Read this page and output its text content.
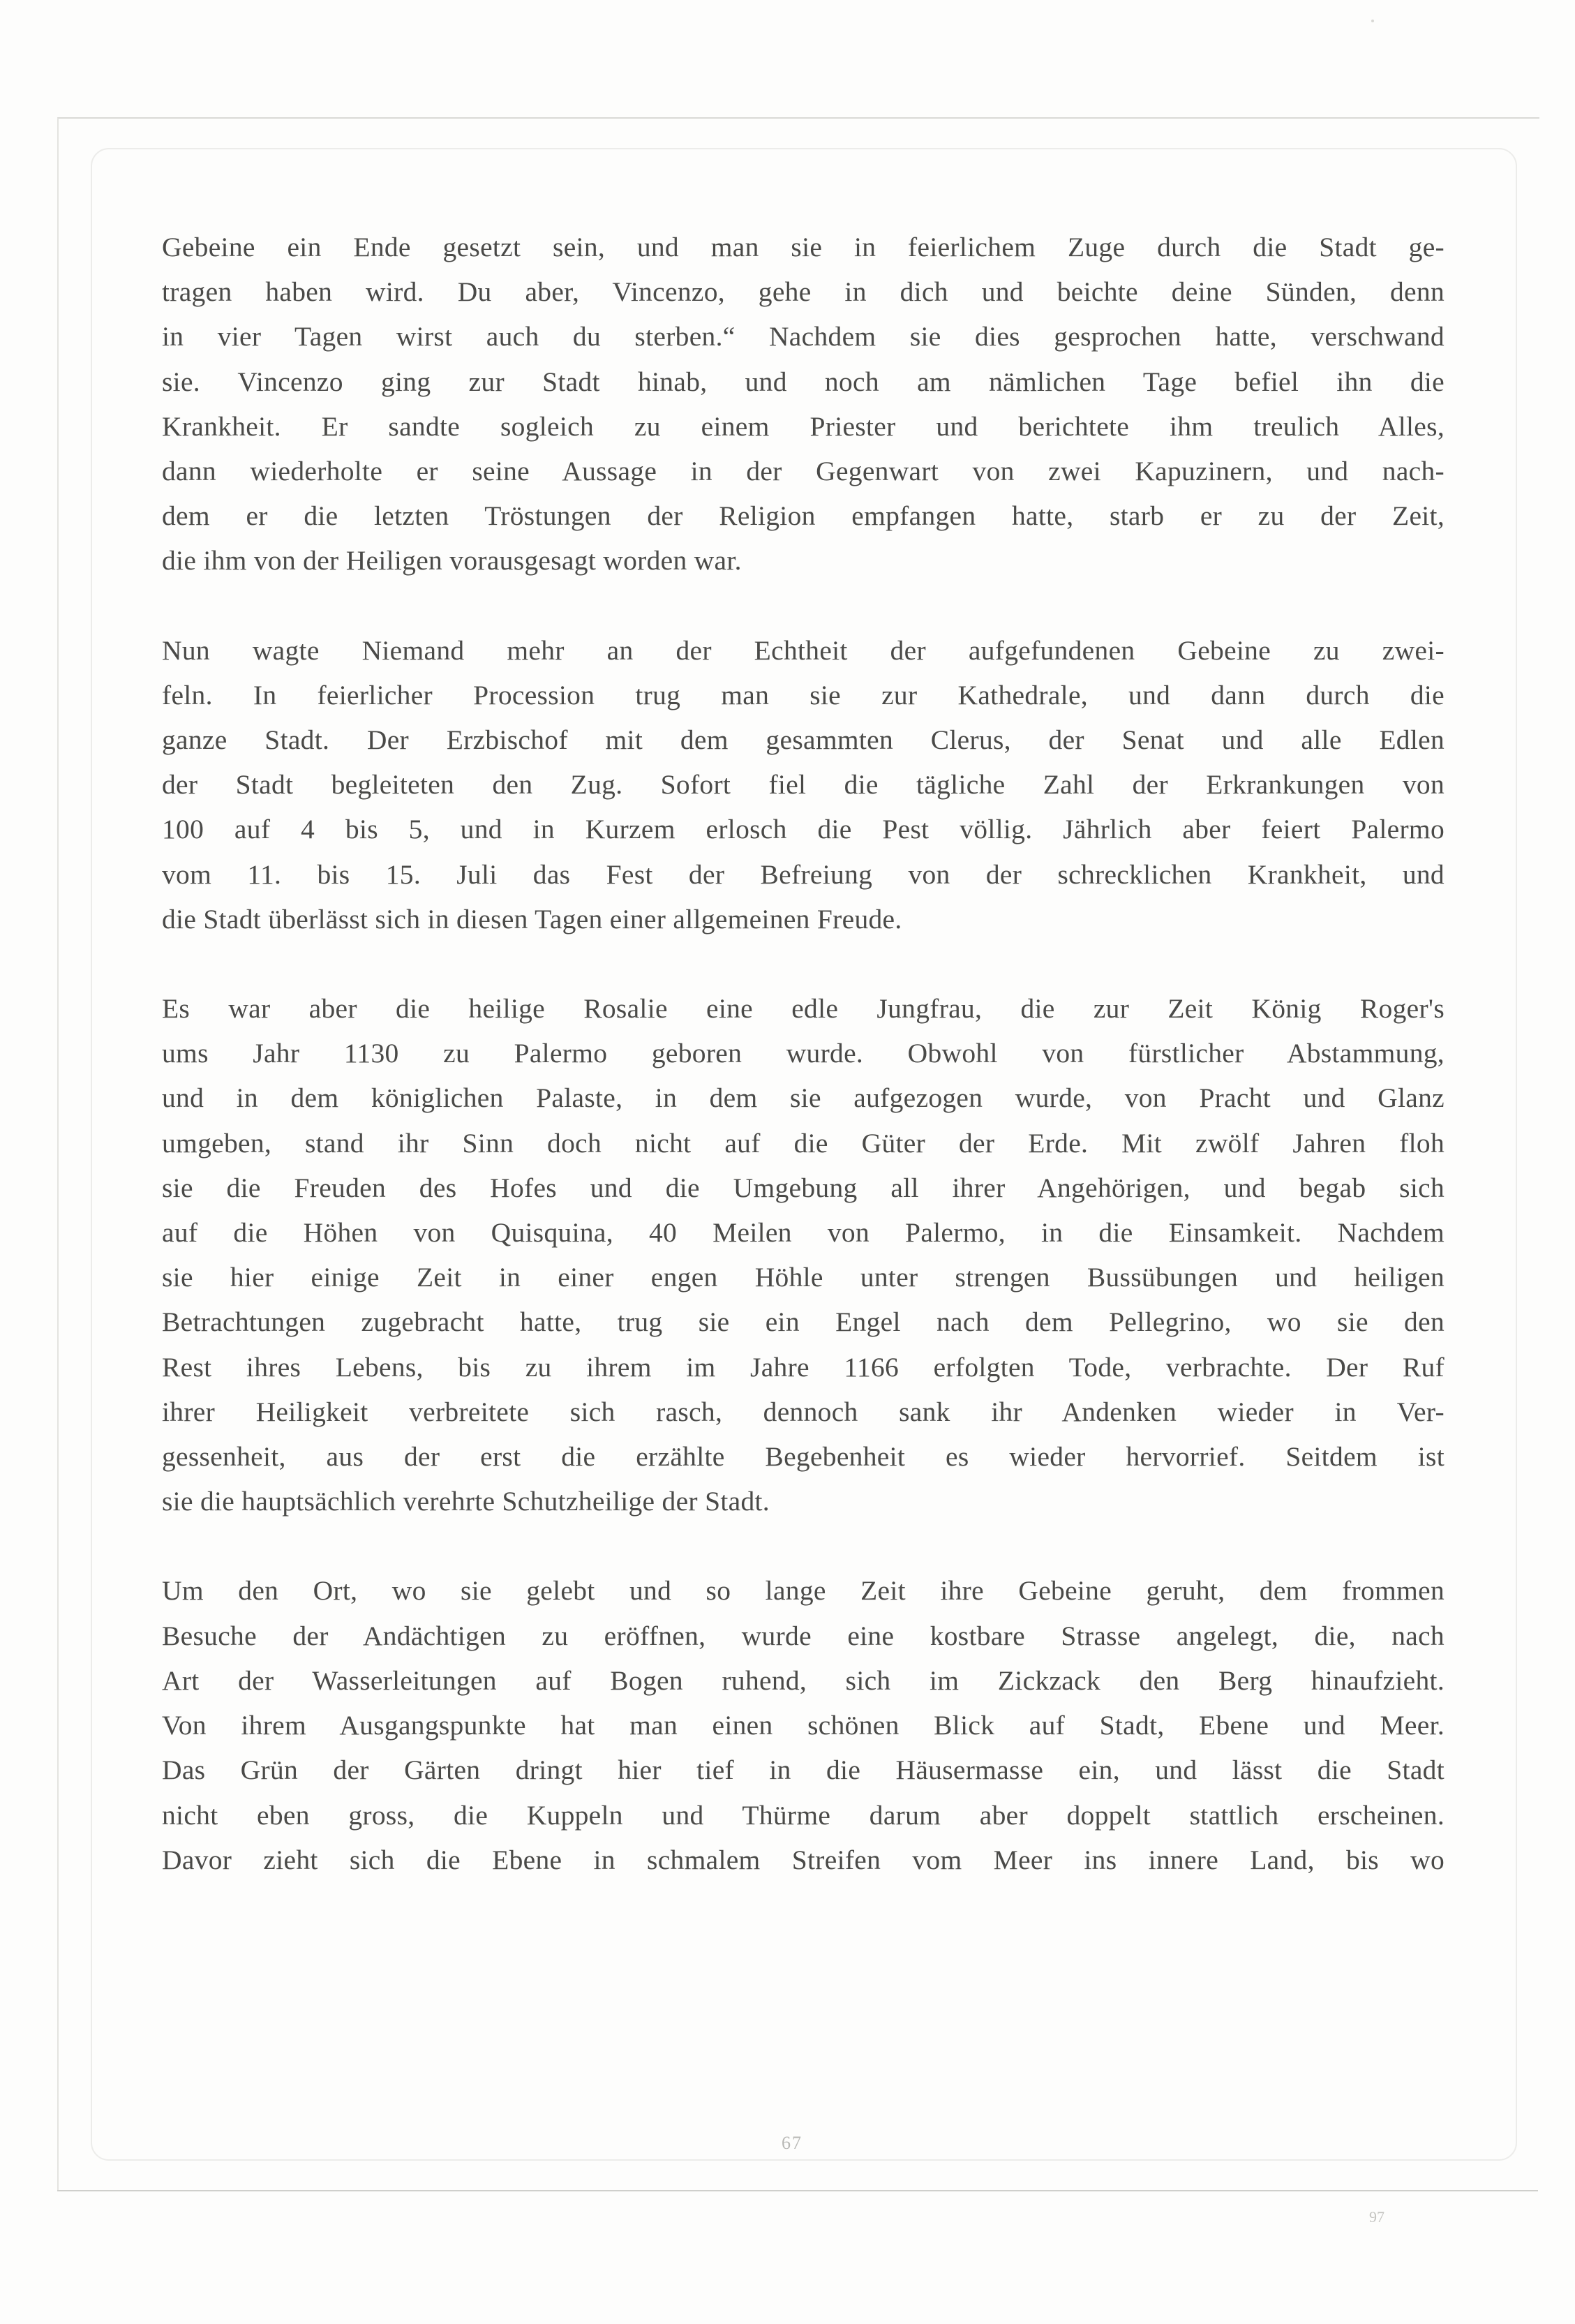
Gebeine ein Ende gesetzt sein, und man sie in feierlichem Zuge durch die Stadt ge-
tragen haben wird. Du aber, Vincenzo, gehe in dich und beichte deine Sünden, denn
in vier Tagen wirst auch du sterben.“ Nachdem sie dies gesprochen hatte, verschwand
sie. Vincenzo ging zur Stadt hinab, und noch am nämlichen Tage befiel ihn die
Krankheit. Er sandte sogleich zu einem Priester und berichtete ihm treulich Alles,
dann wiederholte er seine Aussage in der Gegenwart von zwei Kapuzinern, und nach-
dem er die letzten Tröstungen der Religion empfangen hatte, starb er zu der Zeit,
die ihm von der Heiligen vorausgesagt worden war.
Nun wagte Niemand mehr an der Echtheit der aufgefundenen Gebeine zu zwei-
feln. In feierlicher Procession trug man sie zur Kathedrale, und dann durch die
ganze Stadt. Der Erzbischof mit dem gesammten Clerus, der Senat und alle Edlen
der Stadt begleiteten den Zug. Sofort fiel die tägliche Zahl der Erkrankungen von
100 auf 4 bis 5, und in Kurzem erlosch die Pest völlig. Jährlich aber feiert Palermo
vom 11. bis 15. Juli das Fest der Befreiung von der schrecklichen Krankheit, und
die Stadt überlässt sich in diesen Tagen einer allgemeinen Freude.
Es war aber die heilige Rosalie eine edle Jungfrau, die zur Zeit König Roger's
ums Jahr 1130 zu Palermo geboren wurde. Obwohl von fürstlicher Abstammung,
und in dem königlichen Palaste, in dem sie aufgezogen wurde, von Pracht und Glanz
umgeben, stand ihr Sinn doch nicht auf die Güter der Erde. Mit zwölf Jahren floh
sie die Freuden des Hofes und die Umgebung all ihrer Angehörigen, und begab sich
auf die Höhen von Quisquina, 40 Meilen von Palermo, in die Einsamkeit. Nachdem
sie hier einige Zeit in einer engen Höhle unter strengen Bussübungen und heiligen
Betrachtungen zugebracht hatte, trug sie ein Engel nach dem Pellegrino, wo sie den
Rest ihres Lebens, bis zu ihrem im Jahre 1166 erfolgten Tode, verbrachte. Der Ruf
ihrer Heiligkeit verbreitete sich rasch, dennoch sank ihr Andenken wieder in Ver-
gessenheit, aus der erst die erzählte Begebenheit es wieder hervorrief. Seitdem ist
sie die hauptsächlich verehrte Schutzheilige der Stadt.
Um den Ort, wo sie gelebt und so lange Zeit ihre Gebeine geruht, dem frommen
Besuche der Andächtigen zu eröffnen, wurde eine kostbare Strasse angelegt, die, nach
Art der Wasserleitungen auf Bogen ruhend, sich im Zickzack den Berg hinaufzieht.
Von ihrem Ausgangspunkte hat man einen schönen Blick auf Stadt, Ebene und Meer.
Das Grün der Gärten dringt hier tief in die Häusermasse ein, und lässt die Stadt
nicht eben gross, die Kuppeln und Thürme darum aber doppelt stattlich erscheinen.
Davor zieht sich die Ebene in schmalem Streifen vom Meer ins innere Land, bis wo
67
97
